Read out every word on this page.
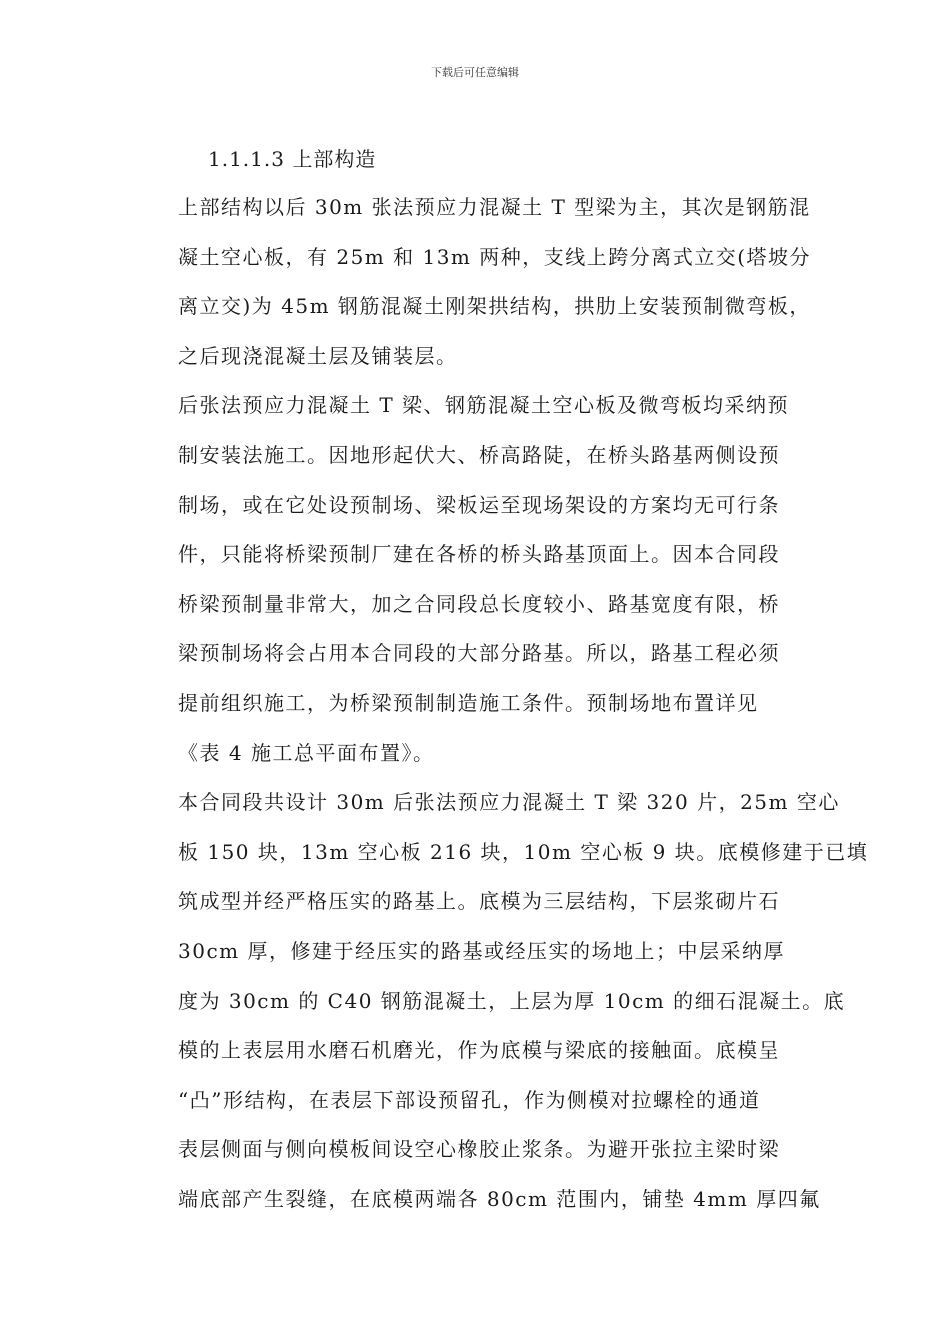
下载后可任意编辑
1.1.1.3 上部构造
上部结构以后 30m 张法预应力混凝土 T 型梁为主，其次是钢筋混
凝土空心板，有 25m 和 13m 两种，支线上跨分离式立交(塔坡分
离立交)为 45m 钢筋混凝土刚架拱结构，拱肋上安装预制微弯板，
之后现浇混凝土层及铺装层。
后张法预应力混凝土 T 梁、钢筋混凝土空心板及微弯板均采纳预
制安装法施工。因地形起伏大、桥高路陡，在桥头路基两侧设预
制场，或在它处设预制场、梁板运至现场架设的方案均无可行条
件，只能将桥梁预制厂建在各桥的桥头路基顶面上。因本合同段
桥梁预制量非常大，加之合同段总长度较小、路基宽度有限，桥
梁预制场将会占用本合同段的大部分路基。所以，路基工程必须
提前组织施工，为桥梁预制制造施工条件。预制场地布置详见
《表 4 施工总平面布置》。
本合同段共设计 30m 后张法预应力混凝土 T 梁 320 片，25m 空心
板 150 块，13m 空心板 216 块，10m 空心板 9 块。底模修建于已填
筑成型并经严格压实的路基上。底模为三层结构，下层浆砌片石
30cm 厚，修建于经压实的路基或经压实的场地上；中层采纳厚
度为 30cm 的 C40 钢筋混凝土，上层为厚 10cm 的细石混凝土。底
模的上表层用水磨石机磨光，作为底模与梁底的接触面。底模呈
“凸”形结构，在表层下部设预留孔，作为侧模对拉螺栓的通道
表层侧面与侧向模板间设空心橡胶止浆条。为避开张拉主梁时梁
端底部产生裂缝，在底模两端各 80cm 范围内，铺垫 4mm 厚四氟
